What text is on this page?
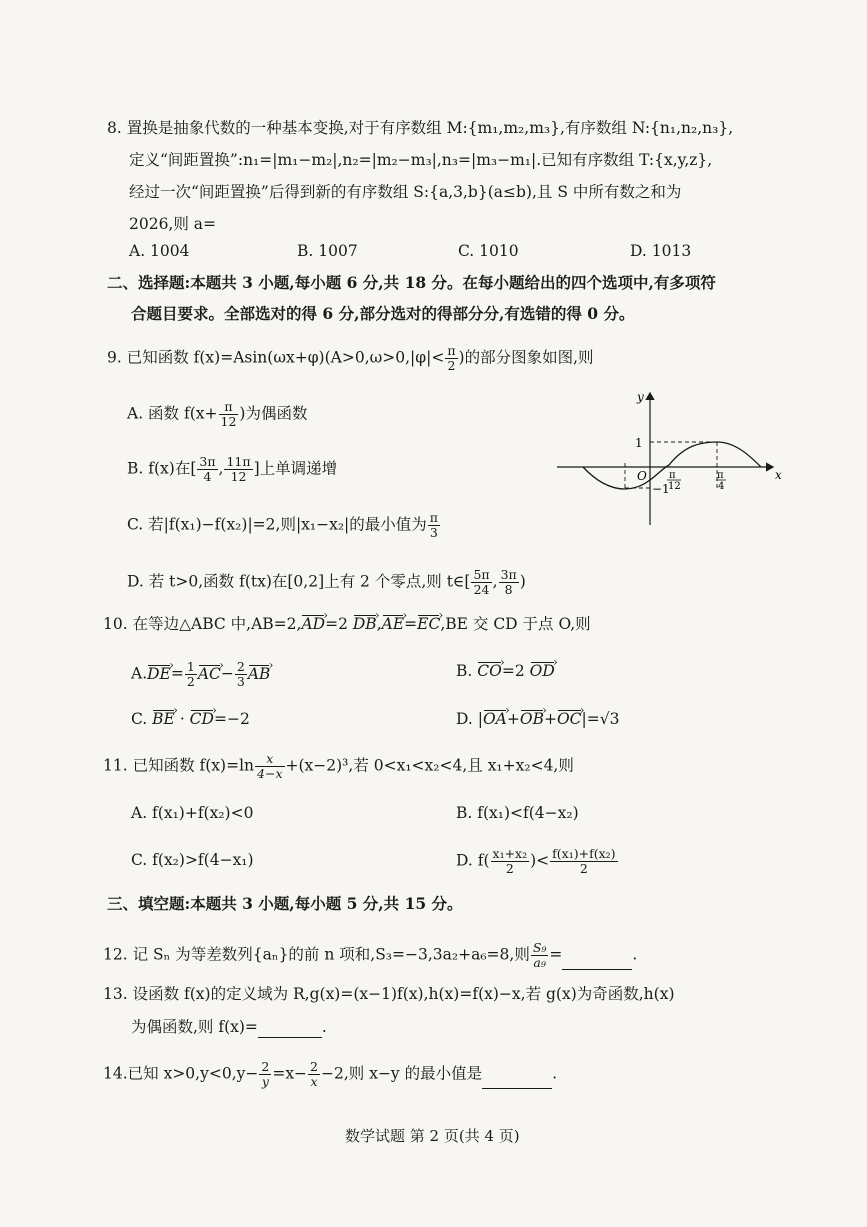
8. 置换是抽象代数的一种基本变换,对于有序数组 M:{m₁,m₂,m₃},有序数组 N:{n₁,n₂,n₃},
定义“间距置换”:n₁=|m₁−m₂|,n₂=|m₂−m₃|,n₃=|m₃−m₁|.已知有序数组 T:{x,y,z},
经过一次“间距置换”后得到新的有序数组 S:{a,3,b}(a≤b),且 S 中所有数之和为
2026,则 a=
A. 1004	B. 1007	C. 1010	D. 1013
二、选择题:本题共 3 小题,每小题 6 分,共 18 分。在每小题给出的四个选项中,有多项符
合题目要求。全部选对的得 6 分,部分选对的得部分分,有选错的得 0 分。
9. 已知函数 $f(x)=Asin(\omega x+\varphi)(A>0,\omega>0,|\varphi|< \frac{\pi}{2}$ )的部分图象如图,则
A. 函数 $f(x+ \frac{\pi}{12}$ )为偶函数
B. f(x)在[ $\frac{3\pi}{4}$ , $\frac{11\pi}{12}$ ]上单调递增
C. 若|f(x₁)−f(x₂)|=2,则|x₁−x₂|的最小值为 $\frac{\pi}{3}$
D. 若 t>0,函数 f(tx)在[0,2]上有 2 个零点,则 t∈[ $\frac{5\pi}{24}$ , $\frac{3\pi}{8}$ )
y
x
O
1
−1
π
12
π
4
10. 在等边△ABC 中,AB=2,AD ›=2 DB ›,AE ›=EC ›,BE 交 CD 于点 O,则
A.DE ›= $\frac{1}{2}$ AC ›− $\frac{2}{3}$ AB ›	B. CO ›=2 OD ›
C. BE › · CD ›=−2	D. |OA ›+OB ›+OC ›|=√3
11. 已知函数 $f(x)=\ln \frac{x}{4-x} +(x-2)^3$,若 0<x₁<x₂<4,且 x₁+x₂<4,则
A. f(x₁)+f(x₂)<0	B. f(x₁)<f(4−x₂)
C. f(x₂)>f(4−x₁)	D. $f( \frac{\text{x₁+x₂}}{2}$ )< $\frac{\text{f(x₁)+f(x₂)}}{2}$
三、填空题:本题共 3 小题,每小题 5 分,共 15 分。
12. 记 Sₙ 为等差数列{aₙ}的前 n 项和,S₃=−3,3a₂+a₆=8,则 $\frac{\text{S₉}}{\text{a₉}}$ =	.
13. 设函数 f(x)的定义域为 R,g(x)=(x−1)f(x),h(x)=f(x)−x,若 g(x)为奇函数,h(x)
为偶函数,则 f(x)=	.
14.已知 $x>0,y<0,y- \frac{2}{y} =x- \frac{2}{x} -2$,则 x−y 的最小值是	.
数学试题 第 2 页(共 4 页)
